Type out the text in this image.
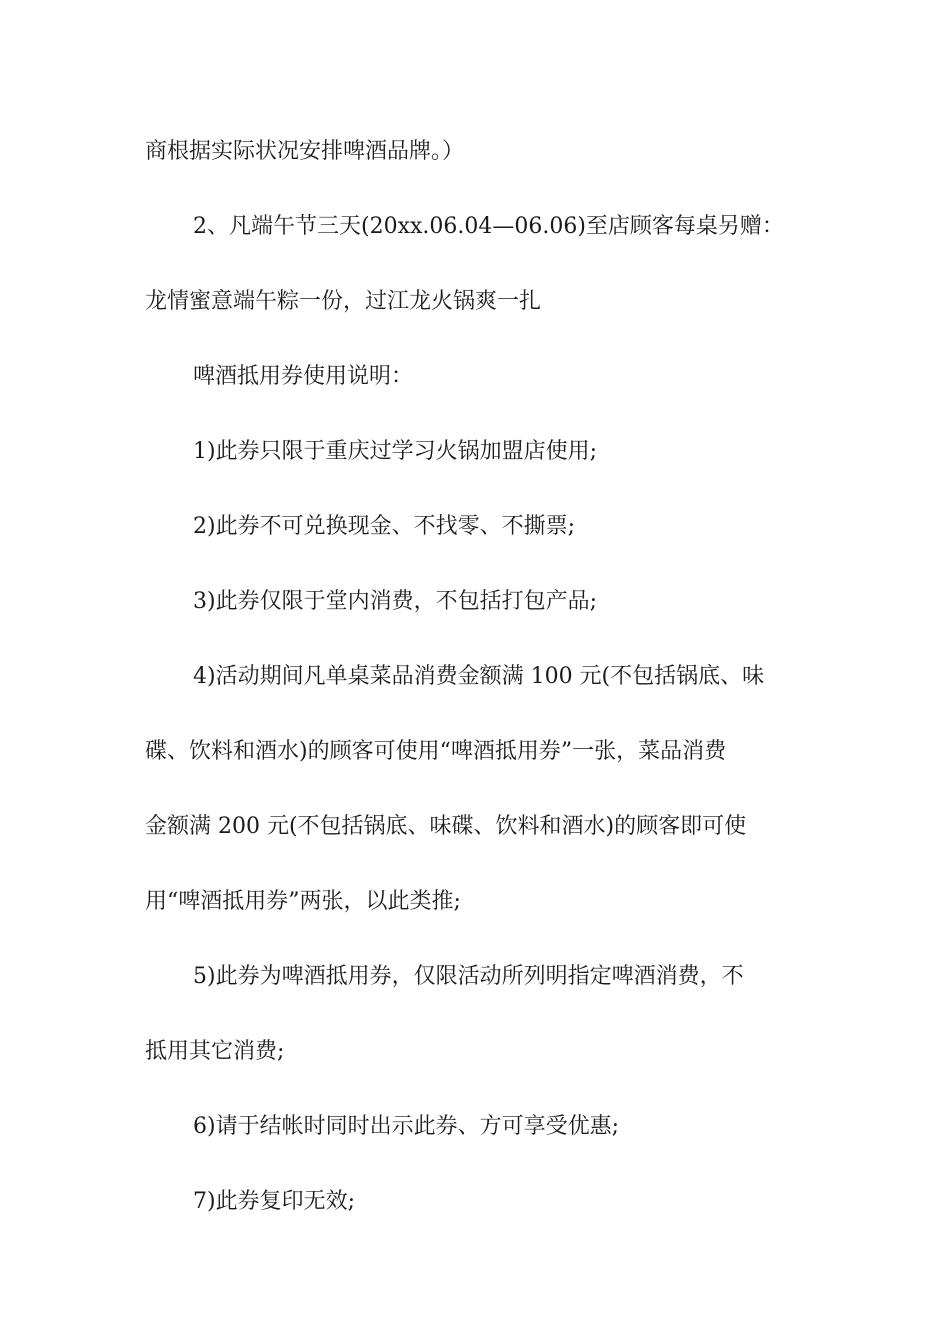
商根据实际状况安排啤酒品牌。）

2、凡端午节三天(20xx.06.04—06.06)至店顾客每桌另赠：

龙情蜜意端午粽一份，过江龙火锅爽一扎

啤酒抵用券使用说明：

1)此券只限于重庆过学习火锅加盟店使用;

2)此券不可兑换现金、不找零、不撕票;

3)此券仅限于堂内消费，不包括打包产品;

4)活动期间凡单桌菜品消费金额满 100 元(不包括锅底、味

碟、饮料和酒水)的顾客可使用“啤酒抵用券”一张，菜品消费

金额满 200 元(不包括锅底、味碟、饮料和酒水)的顾客即可使

用“啤酒抵用券”两张，以此类推;

5)此券为啤酒抵用券，仅限活动所列明指定啤酒消费，不

抵用其它消费;

6)请于结帐时同时出示此券、方可享受优惠;

7)此券复印无效;
